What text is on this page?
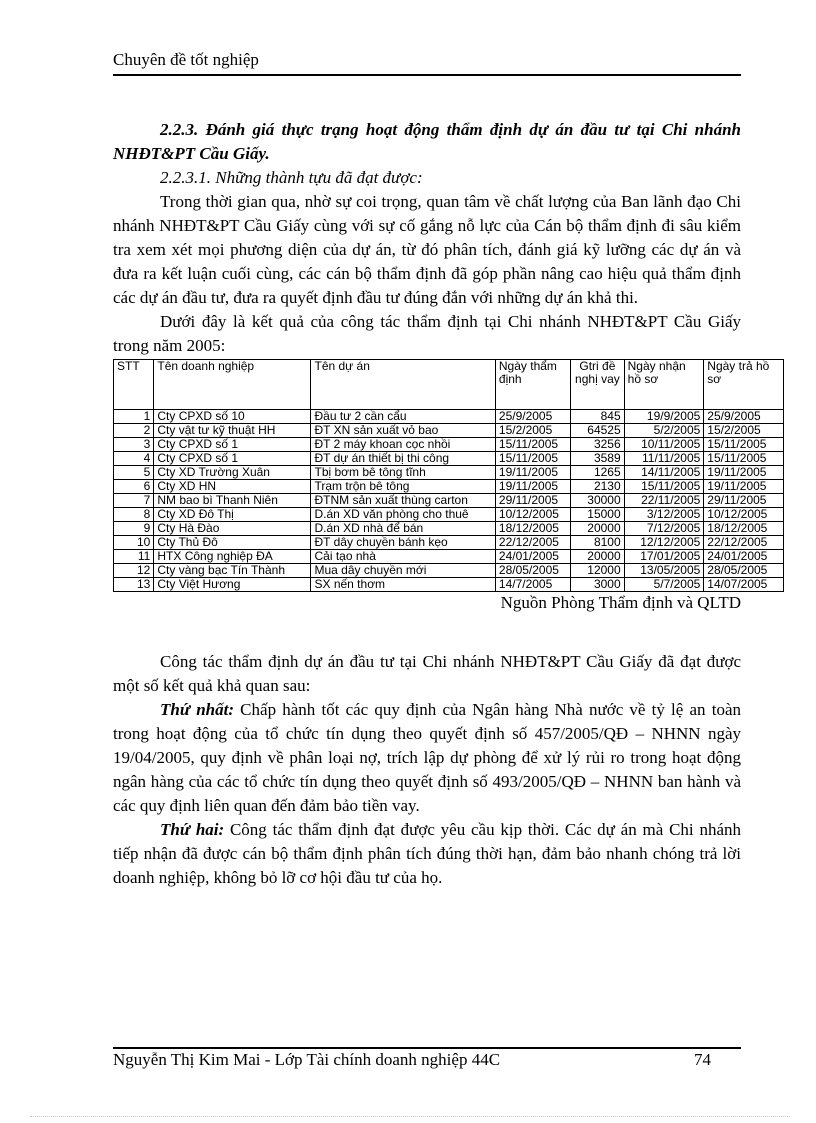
Chuyên đề tốt nghiệp

2.2.3. Đánh giá thực trạng hoạt động thẩm định dự án đầu tư tại Chi nhánh NHĐT&PT Cầu Giấy.

2.2.3.1. Những thành tựu đã đạt được:

Trong thời gian qua, nhờ sự coi trọng, quan tâm về chất lượng của Ban lãnh đạo Chi nhánh NHĐT&PT Cầu Giấy cùng với sự cố gắng nỗ lực của Cán bộ thẩm định đi sâu kiểm tra xem xét mọi phương diện của dự án, từ đó phân tích, đánh giá kỹ lưỡng các dự án và đưa ra kết luận cuối cùng, các cán bộ thẩm định đã góp phần nâng cao hiệu quả thẩm định các dự án đầu tư, đưa ra quyết định đầu tư đúng đắn với những dự án khả thi.

Dưới đây là kết quả của công tác thẩm định tại Chi nhánh NHĐT&PT Cầu Giấy trong năm 2005:

STT	Tên doanh nghiệp	Tên dự án	Ngày thẩm định	Gtri đề nghị vay	Ngày nhận hồ sơ	Ngày trả hồ sơ
1	Cty CPXD số 10	Đầu tư 2 cần cẩu	25/9/2005	845	19/9/2005	25/9/2005
2	Cty vật tư kỹ thuật HH	ĐT XN sản xuất vỏ bao	15/2/2005	64525	5/2/2005	15/2/2005
3	Cty CPXD số 1	ĐT 2 máy khoan cọc nhồi	15/11/2005	3256	10/11/2005	15/11/2005
4	Cty CPXD số 1	ĐT dự án thiết bị thi công	15/11/2005	3589	11/11/2005	15/11/2005
5	Cty XD Trường Xuân	Tbị bơm bê tông tĩnh	19/11/2005	1265	14/11/2005	19/11/2005
6	Cty XD HN	Trạm trộn bê tông	19/11/2005	2130	15/11/2005	19/11/2005
7	NM bao bì Thanh Niên	ĐTNM sản xuất thùng carton	29/11/2005	30000	22/11/2005	29/11/2005
8	Cty XD Đô Thị	D.án XD văn phòng cho thuê	10/12/2005	15000	3/12/2005	10/12/2005
9	Cty Hà Đào	D.án XD nhà để bán	18/12/2005	20000	7/12/2005	18/12/2005
10	Cty Thủ Đô	ĐT dây chuyền bánh kẹo	22/12/2005	8100	12/12/2005	22/12/2005
11	HTX Công nghiệp ĐA	Cải tạo nhà	24/01/2005	20000	17/01/2005	24/01/2005
12	Cty vàng bạc Tín Thành	Mua dây chuyền mới	28/05/2005	12000	13/05/2005	28/05/2005
13	Cty Việt Hương	SX nến thơm	14/7/2005	3000	5/7/2005	14/07/2005

Nguồn Phòng Thẩm định và QLTD

Công tác thẩm định dự án đầu tư tại Chi nhánh NHĐT&PT Cầu Giấy đã đạt được một số kết quả khả quan sau:

Thứ nhất: Chấp hành tốt các quy định của Ngân hàng Nhà nước về tỷ lệ an toàn trong hoạt động của tổ chức tín dụng theo quyết định số 457/2005/QĐ – NHNN ngày 19/04/2005, quy định về phân loại nợ, trích lập dự phòng để xử lý rủi ro trong hoạt động ngân hàng của các tổ chức tín dụng theo quyết định số 493/2005/QĐ – NHNN ban hành và các quy định liên quan đến đảm bảo tiền vay.

Thứ hai: Công tác thẩm định đạt được yêu cầu kịp thời. Các dự án mà Chi nhánh tiếp nhận đã được cán bộ thẩm định phân tích đúng thời hạn, đảm bảo nhanh chóng trả lời doanh nghiệp, không bỏ lỡ cơ hội đầu tư của họ.

Nguyễn Thị Kim Mai - Lớp Tài chính doanh nghiệp 44C	74
